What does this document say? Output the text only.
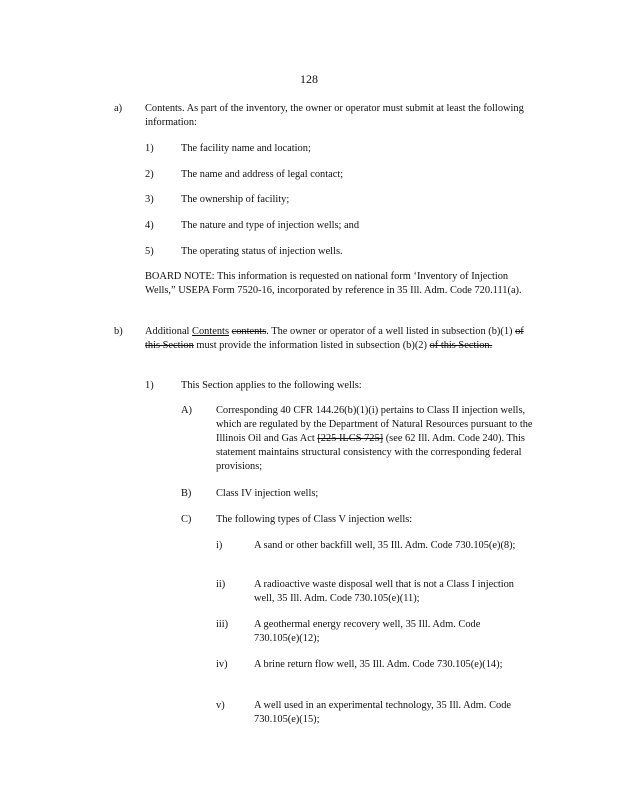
128
a) Contents. As part of the inventory, the owner or operator must submit at least the following information:
1)	The facility name and location;
2)	The name and address of legal contact;
3)	The ownership of facility;
4)	The nature and type of injection wells; and
5)	The operating status of injection wells.
BOARD NOTE: This information is requested on national form ‘Inventory of Injection Wells,” USEPA Form 7520-16, incorporated by reference in 35 Ill. Adm. Code 720.111(a).
b) Additional Contents contents. The owner or operator of a well listed in subsection (b)(1) of this Section must provide the information listed in subsection (b)(2) of this Section.
1)	This Section applies to the following wells:
A) Corresponding 40 CFR 144.26(b)(1)(i) pertains to Class II injection wells, which are regulated by the Department of Natural Resources pursuant to the Illinois Oil and Gas Act [225 ILCS 725] (see 62 Ill. Adm. Code 240). This statement maintains structural consistency with the corresponding federal provisions;
B) Class IV injection wells;
C) The following types of Class V injection wells:
i)	A sand or other backfill well, 35 Ill. Adm. Code 730.105(e)(8);
ii)	A radioactive waste disposal well that is not a Class I injection well, 35 Ill. Adm. Code 730.105(e)(11);
iii) A geothermal energy recovery well, 35 Ill. Adm. Code 730.105(e)(12);
iv)	A brine return flow well, 35 Ill. Adm. Code 730.105(e)(14);
v)	A well used in an experimental technology, 35 Ill. Adm. Code 730.105(e)(15);
